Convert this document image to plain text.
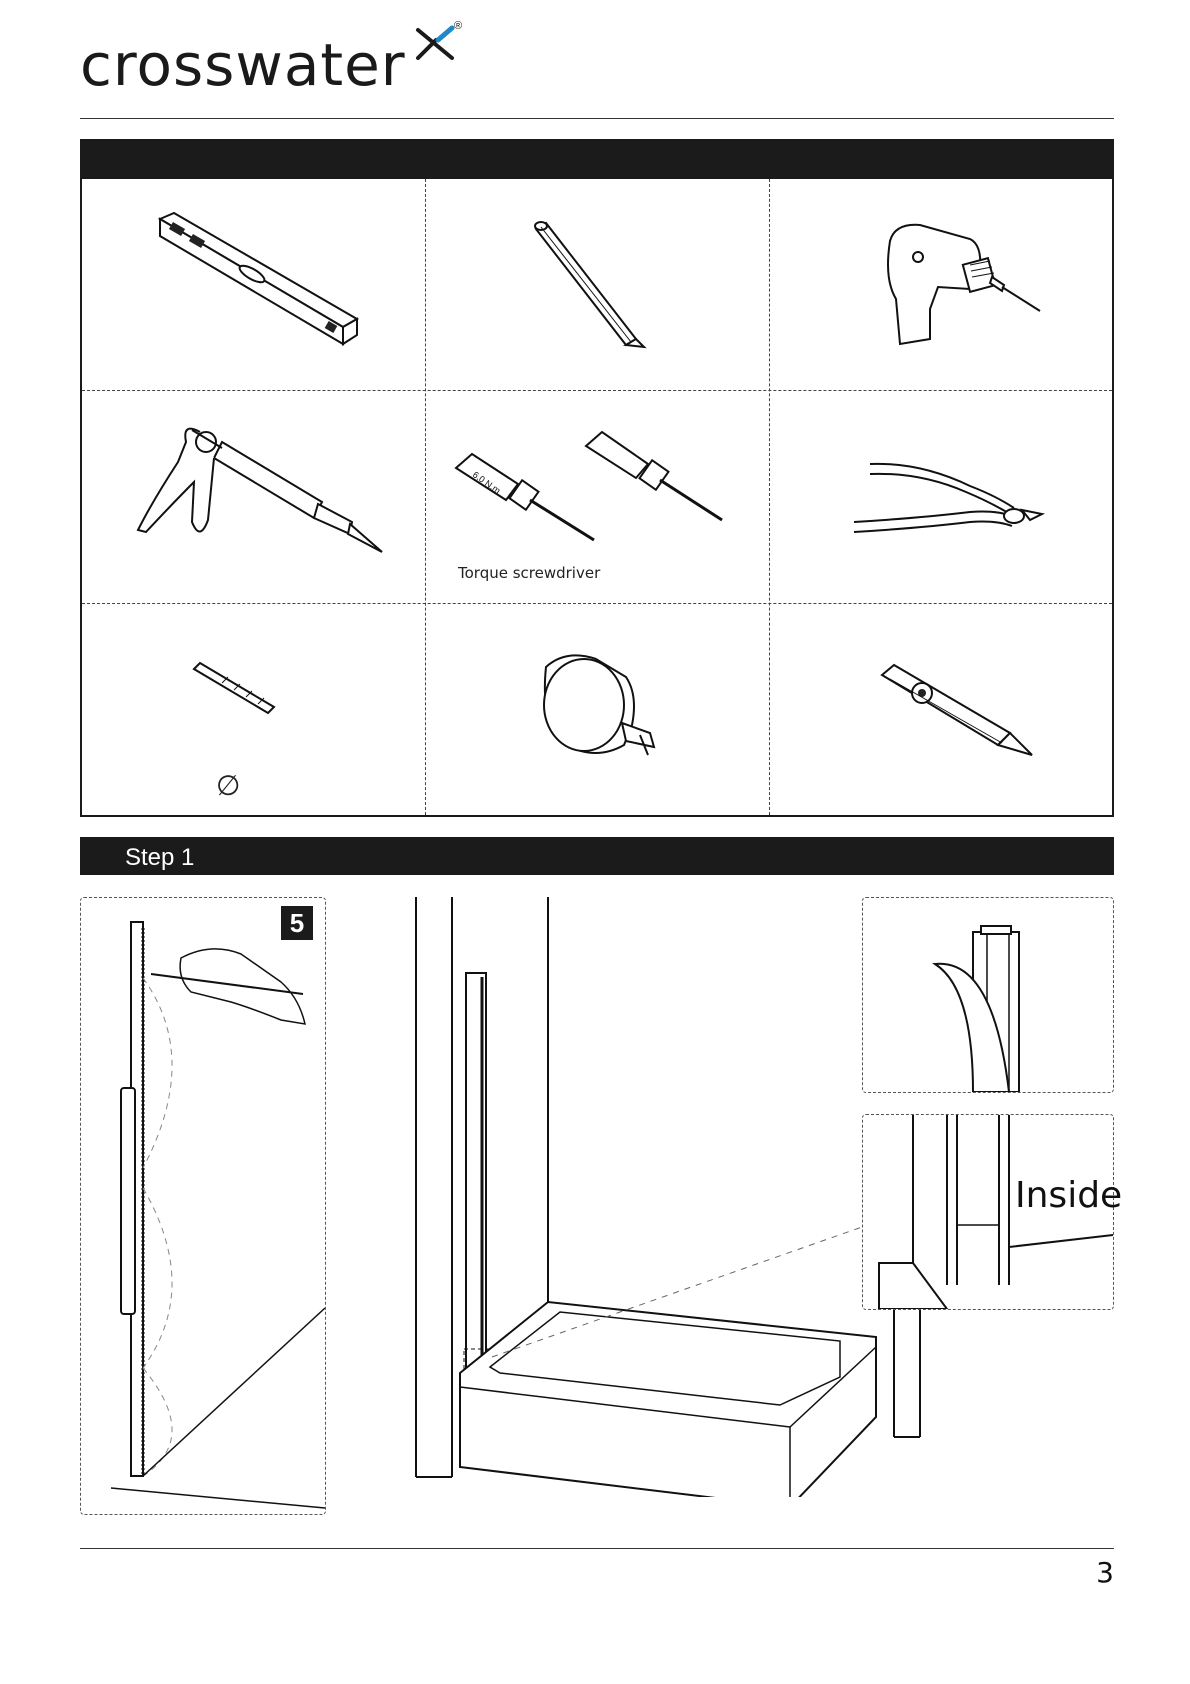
crosswater
®
6.0 N.m
Torque screwdriver
∅
Step 1
5
Inside
3
